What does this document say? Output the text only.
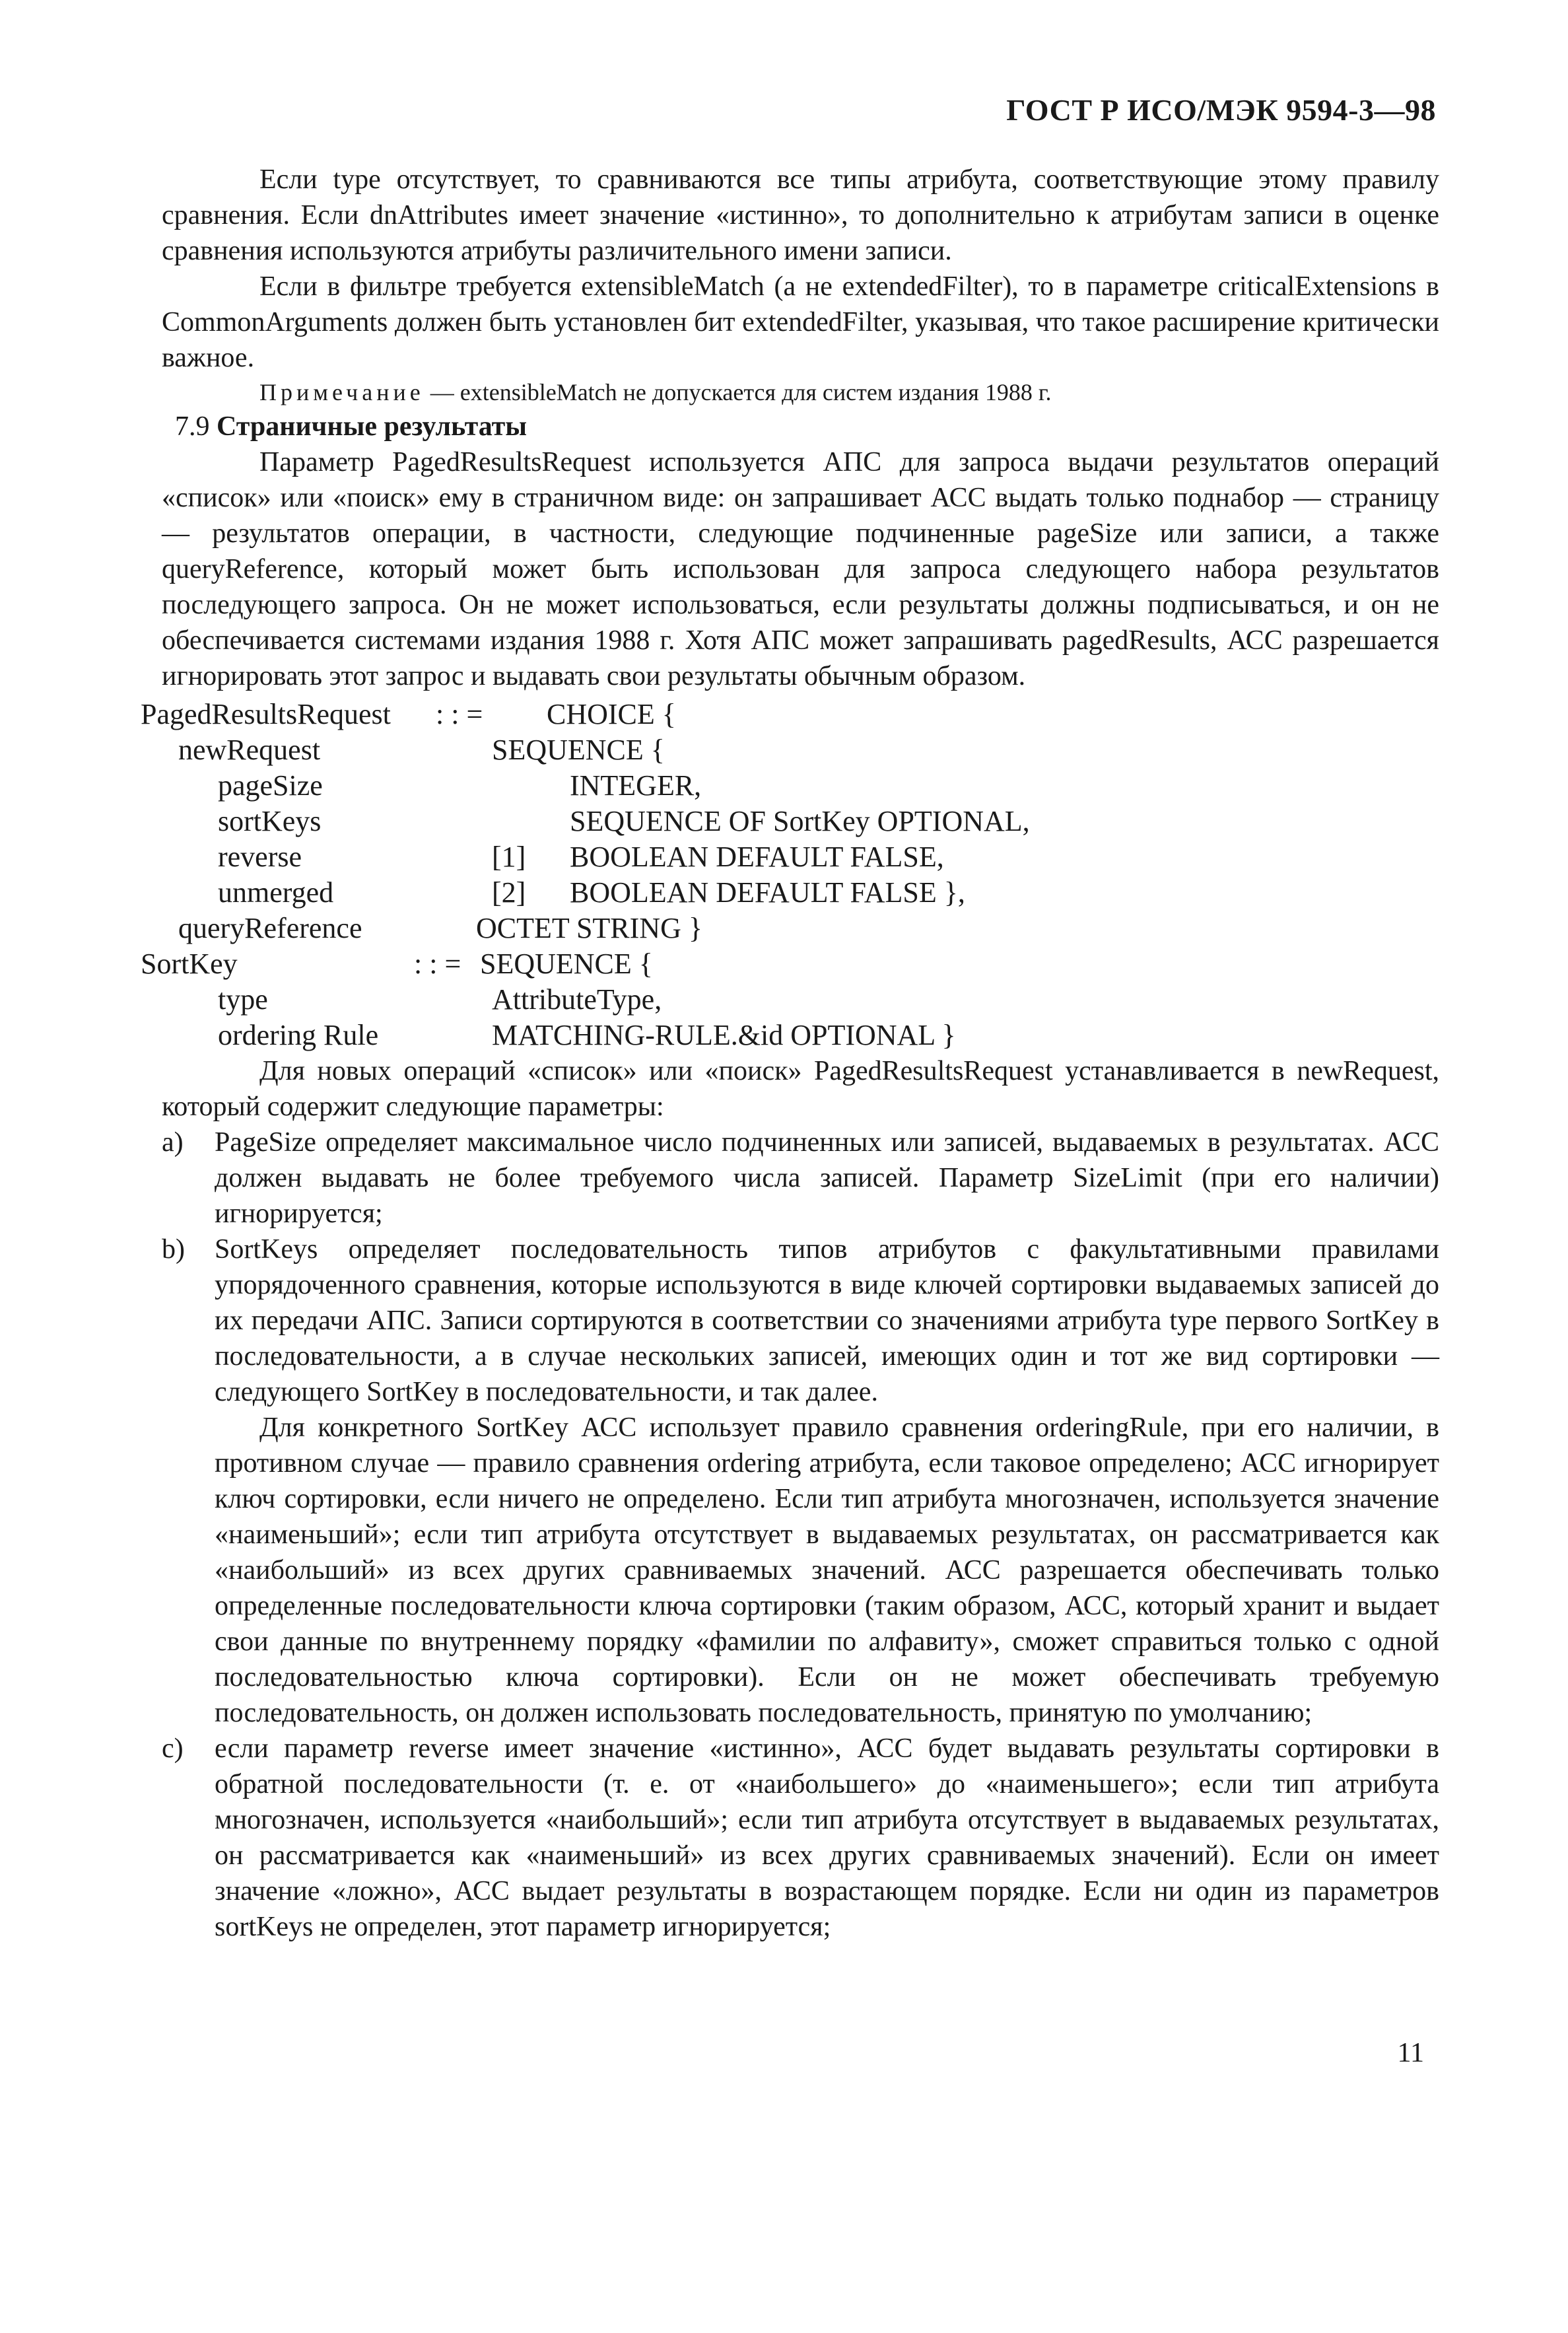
ГОСТ Р ИСО/МЭК 9594-3—98

Если type отсутствует, то сравниваются все типы атрибута, соответствующие этому правилу сравнения. Если dnAttributes имеет значение «истинно», то дополнительно к атрибутам записи в оценке сравнения используются атрибуты различительного имени записи.

Если в фильтре требуется extensibleMatch (а не extendedFilter), то в параметре criticalExtensions в CommonArguments должен быть установлен бит extendedFilter, указывая, что такое расширение критически важное.

Примечание — extensibleMatch не допускается для систем издания 1988 г.

7.9 Страничные результаты

Параметр PagedResultsRequest используется АПС для запроса выдачи результатов операций «список» или «поиск» ему в страничном виде: он запрашивает АСС выдать только поднабор — страницу — результатов операции, в частности, следующие подчиненные pageSize или записи, а также queryReference, который может быть использован для запроса следующего набора результатов последующего запроса. Он не может использоваться, если результаты должны подписываться, и он не обеспечивается системами издания 1988 г. Хотя АПС может запрашивать pagedResults, АСС разрешается игнорировать этот запрос и выдавать свои результаты обычным образом.

PagedResultsRequest : : = CHOICE {
newRequest	SEQUENCE {
pageSize	INTEGER,
sortKeys	SEQUENCE OF SortKey OPTIONAL,
reverse	[1] BOOLEAN DEFAULT FALSE,
unmerged	[2] BOOLEAN DEFAULT FALSE },
queryReference	OCTET STRING }
SortKey	: : = SEQUENCE {
type	AttributeType,
ordering Rule	MATCHING-RULE.&id OPTIONAL }

Для новых операций «список» или «поиск» PagedResultsRequest устанавливается в newRequest, который содержит следующие параметры:

a) PageSize определяет максимальное число подчиненных или записей, выдаваемых в результатах. АСС должен выдавать не более требуемого числа записей. Параметр SizeLimit (при его наличии) игнорируется;

b) SortKeys определяет последовательность типов атрибутов с факультативными правилами упорядоченного сравнения, которые используются в виде ключей сортировки выдаваемых записей до их передачи АПС. Записи сортируются в соответствии со значениями атрибута type первого SortKey в последовательности, а в случае нескольких записей, имеющих один и тот же вид сортировки — следующего SortKey в последовательности, и так далее.

Для конкретного SortKey АСС использует правило сравнения orderingRule, при его наличии, в противном случае — правило сравнения ordering атрибута, если таковое определено; АСС игнорирует ключ сортировки, если ничего не определено. Если тип атрибута многозначен, используется значение «наименьший»; если тип атрибута отсутствует в выдаваемых результатах, он рассматривается как «наибольший» из всех других сравниваемых значений. АСС разрешается обеспечивать только определенные последовательности ключа сортировки (таким образом, АСС, который хранит и выдает свои данные по внутреннему порядку «фамилии по алфавиту», сможет справиться только с одной последовательностью ключа сортировки). Если он не может обеспечивать требуемую последовательность, он должен использовать последовательность, принятую по умолчанию;

c) если параметр reverse имеет значение «истинно», АСС будет выдавать результаты сортировки в обратной последовательности (т. е. от «наибольшего» до «наименьшего»; если тип атрибута многозначен, используется «наибольший»; если тип атрибута отсутствует в выдаваемых результатах, он рассматривается как «наименьший» из всех других сравниваемых значений). Если он имеет значение «ложно», АСС выдает результаты в возрастающем порядке. Если ни один из параметров sortKeys не определен, этот параметр игнорируется;

11
